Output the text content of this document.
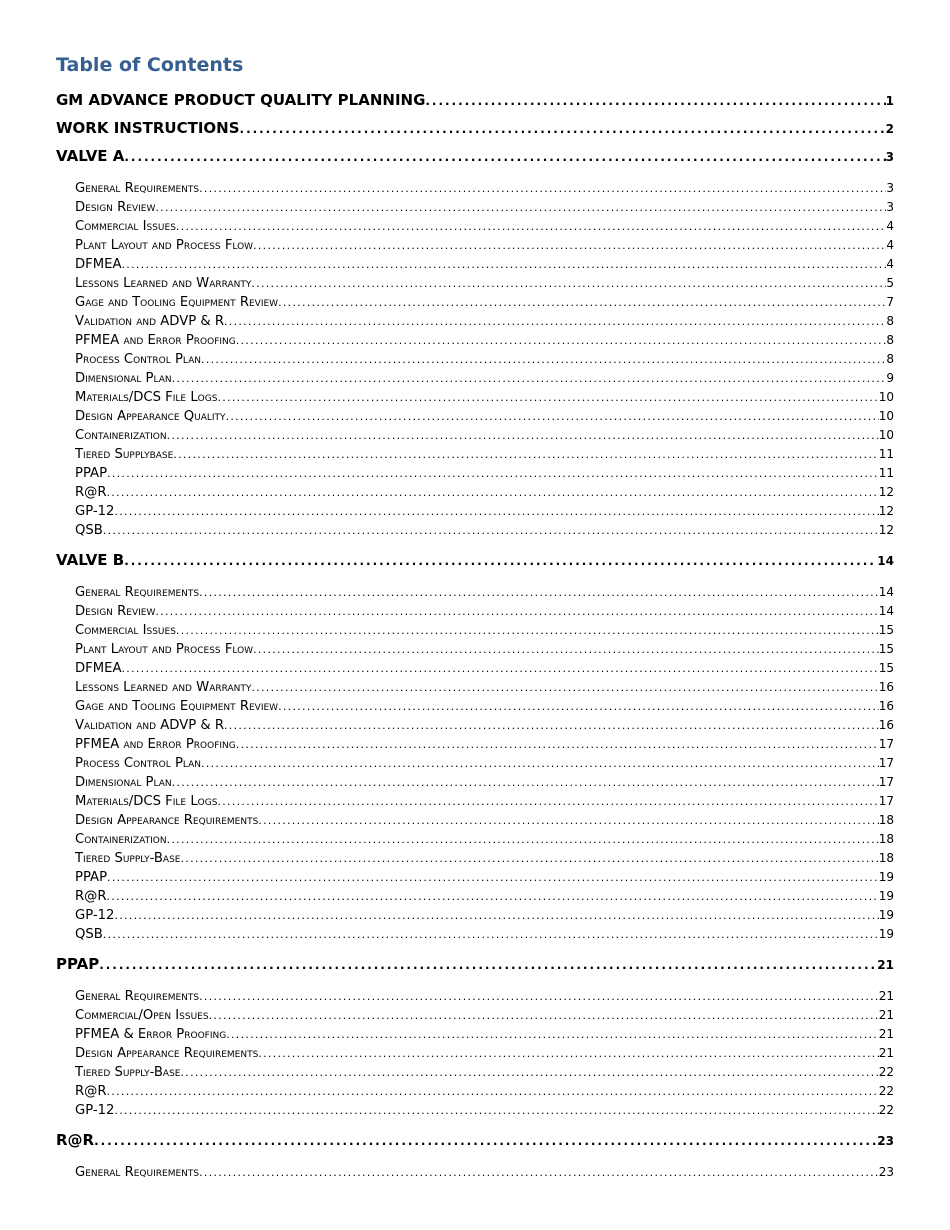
Table of Contents
GM ADVANCE PRODUCT QUALITY PLANNING . . .	1
WORK INSTRUCTIONS . . .	2
VALVE A . . .	3
General Requirements . . .	3
Design Review . . .	3
Commercial Issues . . .	4
Plant Layout and Process Flow . . .	4
DFMEA . . .	4
Lessons Learned and Warranty . . .	5
Gage and Tooling Equipment Review . . .	7
Validation and ADVP & R . . .	8
PFMEA and Error Proofing . . .	8
Process Control Plan . . .	8
Dimensional Plan . . .	9
Materials/DCS File Logs . . .	10
Design Appearance Quality . . .	10
Containerization . . .	10
Tiered Supplybase . . .	11
PPAP . . .	11
R@R . . .	12
GP-12 . . .	12
QSB . . .	12
VALVE B . . .	14
General Requirements . . .	14
Design Review . . .	14
Commercial Issues . . .	15
Plant Layout and Process Flow . . .	15
DFMEA . . .	15
Lessons Learned and Warranty . . .	16
Gage and Tooling Equipment Review . . .	16
Validation and ADVP & R . . .	16
PFMEA and Error Proofing . . .	17
Process Control Plan . . .	17
Dimensional Plan . . .	17
Materials/DCS File Logs . . .	17
Design Appearance Requirements . . .	18
Containerization . . .	18
Tiered Supply-Base . . .	18
PPAP . . .	19
R@R . . .	19
GP-12 . . .	19
QSB . . .	19
PPAP . . .	21
General Requirements . . .	21
Commercial/Open Issues . . .	21
PFMEA & Error Proofing . . .	21
Design Appearance Requirements . . .	21
Tiered Supply-Base . . .	22
R@R . . .	22
GP-12 . . .	22
R@R . . .	23
General Requirements . . .	23
